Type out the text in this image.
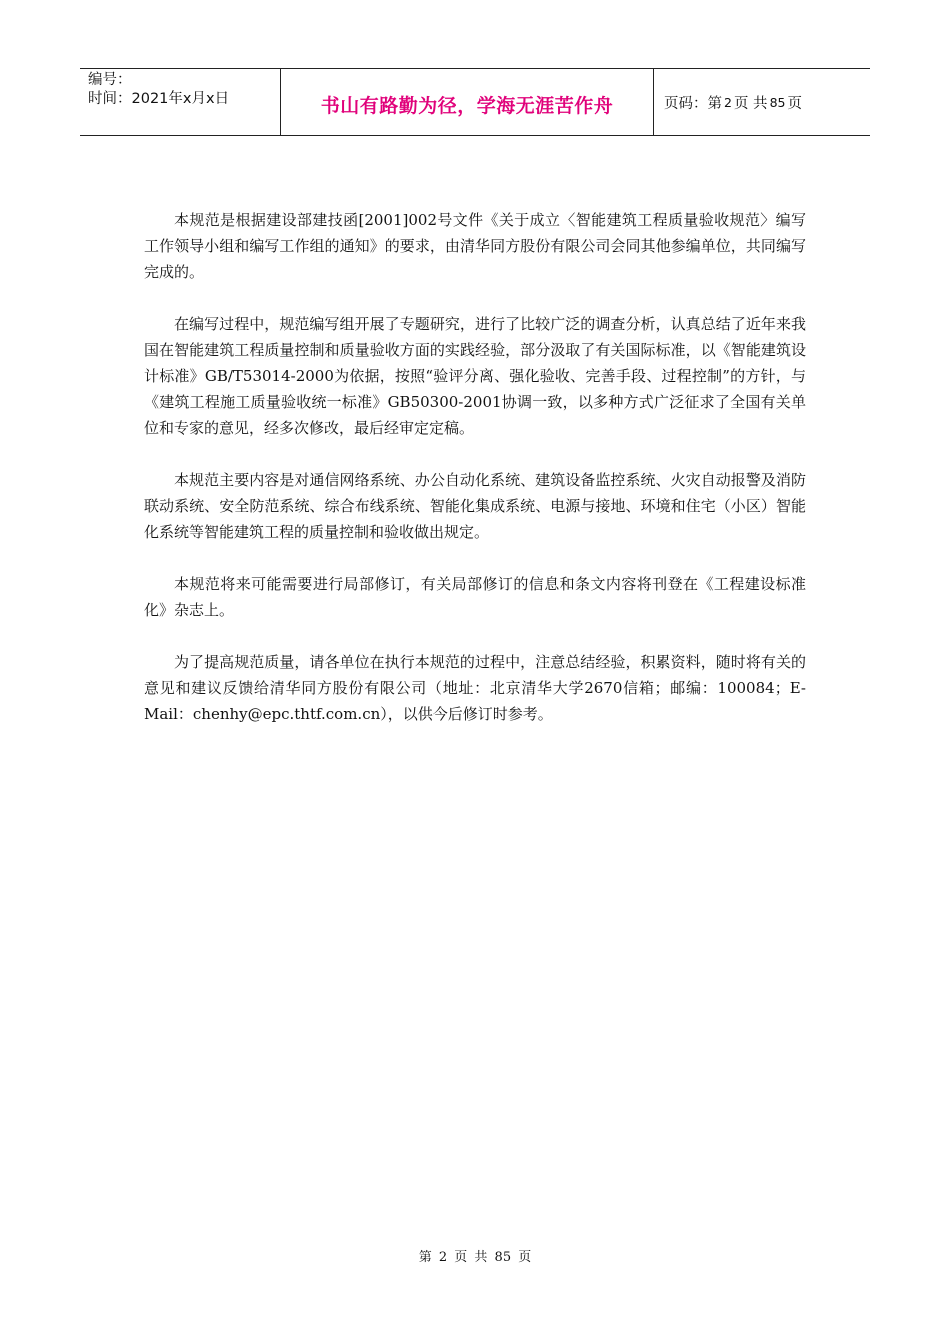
编号：
时间：2021年x月x日	书山有路勤为径，学海无涯苦作舟	页码：第 2 页 共 85 页

本规范是根据建设部建技函[2001]002号文件《关于成立〈智能建筑工程质量验收规范〉编写工作领导小组和编写工作组的通知》的要求，由清华同方股份有限公司会同其他参编单位，共同编写完成的。

在编写过程中，规范编写组开展了专题研究，进行了比较广泛的调查分析，认真总结了近年来我国在智能建筑工程质量控制和质量验收方面的实践经验，部分汲取了有关国际标准，以《智能建筑设计标准》GB/T53014-2000为依据，按照“验评分离、强化验收、完善手段、过程控制”的方针，与《建筑工程施工质量验收统一标准》GB50300-2001协调一致，以多种方式广泛征求了全国有关单位和专家的意见，经多次修改，最后经审定定稿。

本规范主要内容是对通信网络系统、办公自动化系统、建筑设备监控系统、火灾自动报警及消防联动系统、安全防范系统、综合布线系统、智能化集成系统、电源与接地、环境和住宅（小区）智能化系统等智能建筑工程的质量控制和验收做出规定。

本规范将来可能需要进行局部修订，有关局部修订的信息和条文内容将刊登在《工程建设标准化》杂志上。

为了提高规范质量，请各单位在执行本规范的过程中，注意总结经验，积累资料，随时将有关的意见和建议反馈给清华同方股份有限公司（地址：北京清华大学2670信箱；邮编：100084；E-Mail：chenhy@epc.thtf.com.cn），以供今后修订时参考。

第 2 页 共 85 页
